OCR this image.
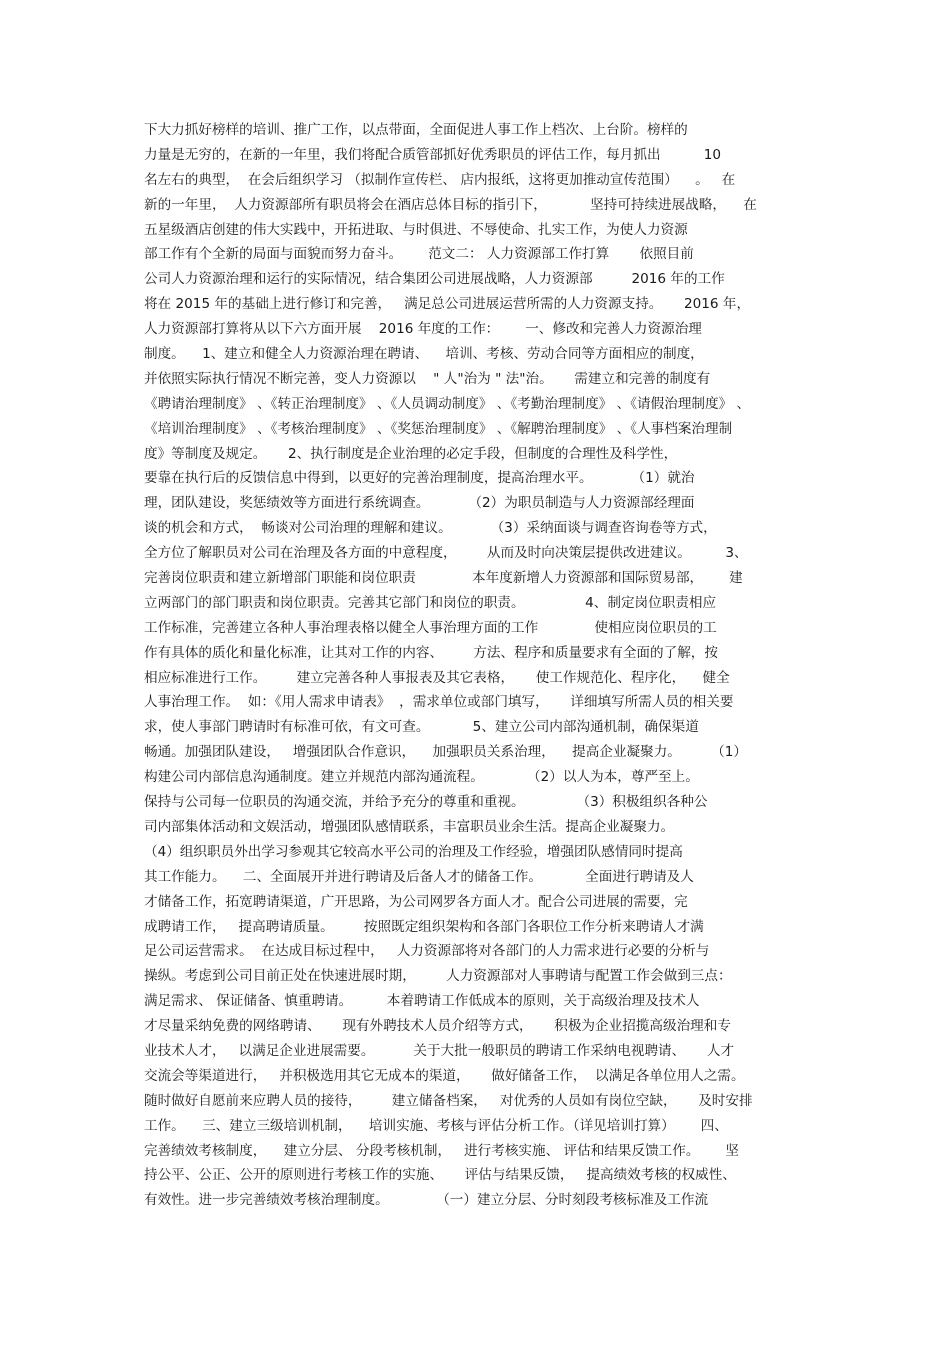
下大力抓好榜样的培训、推广工作，以点带面，全面促进人事工作上档次、上台阶。榜样的
力量是无穷的，在新的一年里，我们将配合质管部抓好优秀职员的评估工作，每月抓出          10
名左右的典型，  在会后组织学习 （拟制作宣传栏、 店内报纸，这将更加推动宣传范围）    。   在
新的一年里，  人力资源部所有职员将会在酒店总体目标的指引下，          坚持可持续进展战略，    在
五星级酒店创建的伟大实践中，开拓进取、与时俱进、不辱使命、扎实工作，为使人力资源
部工作有个全新的局面与面貌而努力奋斗。      范文二： 人力资源部工作打算       依照目前
公司人力资源治理和运行的实际情况，结合集团公司进展战略，人力资源部         2016 年的工作
将在 2015 年的基础上进行修订和完善，   满足总公司进展运营所需的人力资源支持。     2016 年，
人力资源部打算将从以下六方面开展    2016 年度的工作：      一、修改和完善人力资源治理
制度。    1、建立和健全人力资源治理在聘请、    培训、考核、劳动合同等方面相应的制度，
并依照实际执行情况不断完善，变人力资源以    " 人"治为 " 法"治。     需建立和完善的制度有
《聘请治理制度》 、《转正治理制度》 、《人员调动制度》 、《考勤治理制度》 、《请假治理制度》 、
《培训治理制度》 、《考核治理制度》 、《奖惩治理制度》 、《解聘治理制度》 、《人事档案治理制
度》等制度及规定。     2、执行制度是企业治理的必定手段，但制度的合理性及科学性，
要靠在执行后的反馈信息中得到，以更好的完善治理制度，提高治理水平。         （1）就治
理，团队建设，奖惩绩效等方面进行系统调查。         （2）为职员制造与人力资源部经理面
谈的机会和方式，  畅谈对公司治理的理解和建议。         （3）采纳面谈与调查咨询卷等方式，
全方位了解职员对公司在治理及各方面的中意程度，       从而及时向决策层提供改进建议。        3、
完善岗位职责和建立新增部门职能和岗位职责             本年度新增人力资源部和国际贸易部，      建
立两部门的部门职责和岗位职责。完善其它部门和岗位的职责。              4、制定岗位职责相应
工作标准，完善建立各种人事治理表格以健全人事治理方面的工作             使相应岗位职员的工
作有具体的质化和量化标准，让其对工作的内容、       方法、程序和质量要求有全面的了解，按
相应标准进行工作。       建立完善各种人事报表及其它表格，     使工作规范化、程序化，    健全
人事治理工作。  如：《用人需求申请表》  ，需求单位或部门填写，     详细填写所需人员的相关要
求，使人事部门聘请时有标准可依，有文可查。          5、建立公司内部沟通机制，确保渠道
畅通。加强团队建设，   增强团队合作意识，    加强职员关系治理，    提高企业凝聚力。       （1）
构建公司内部信息沟通制度。建立并规范内部沟通流程。          （2）以人为本，尊严至上。
保持与公司每一位职员的沟通交流，并给予充分的尊重和重视。            （3）积极组织各种公
司内部集体活动和文娱活动，增强团队感情联系，丰富职员业余生活。提高企业凝聚力。
（4）组织职员外出学习参观其它较高水平公司的治理及工作经验，增强团队感情同时提高
其工作能力。    二、全面展开并进行聘请及后备人才的储备工作。          全面进行聘请及人
才储备工作，拓宽聘请渠道，广开思路，为公司网罗各方面人才。配合公司进展的需要，完
成聘请工作，   提高聘请质量。       按照既定组织架构和各部门各职位工作分析来聘请人才满
足公司运营需求。  在达成目标过程中，   人力资源部将对各部门的人力需求进行必要的分析与
操纵。考虑到公司目前正处在快速进展时期，       人力资源部对人事聘请与配置工作会做到三点：
满足需求、 保证储备、慎重聘请。        本着聘请工作低成本的原则，关于高级治理及技术人
才尽量采纳免费的网络聘请、     现有外聘技术人员介绍等方式，     积极为企业招揽高级治理和专
业技术人才，   以满足企业进展需要。         关于大批一般职员的聘请工作采纳电视聘请、     人才
交流会等渠道进行，   并积极选用其它无成本的渠道，     做好储备工作，  以满足各单位用人之需。
随时做好自愿前来应聘人员的接待，       建立储备档案，   对优秀的人员如有岗位空缺，     及时安排
工作。    三、建立三级培训机制，    培训实施、考核与评估分析工作。（详见培训打算）      四、
完善绩效考核制度，    建立分层、 分段考核机制，   进行考核实施、 评估和结果反馈工作。      坚
持公平、公正、公开的原则进行考核工作的实施、     评估与结果反馈，   提高绩效考核的权威性、
有效性。进一步完善绩效考核治理制度。           （一）建立分层、分时刻段考核标准及工作流
